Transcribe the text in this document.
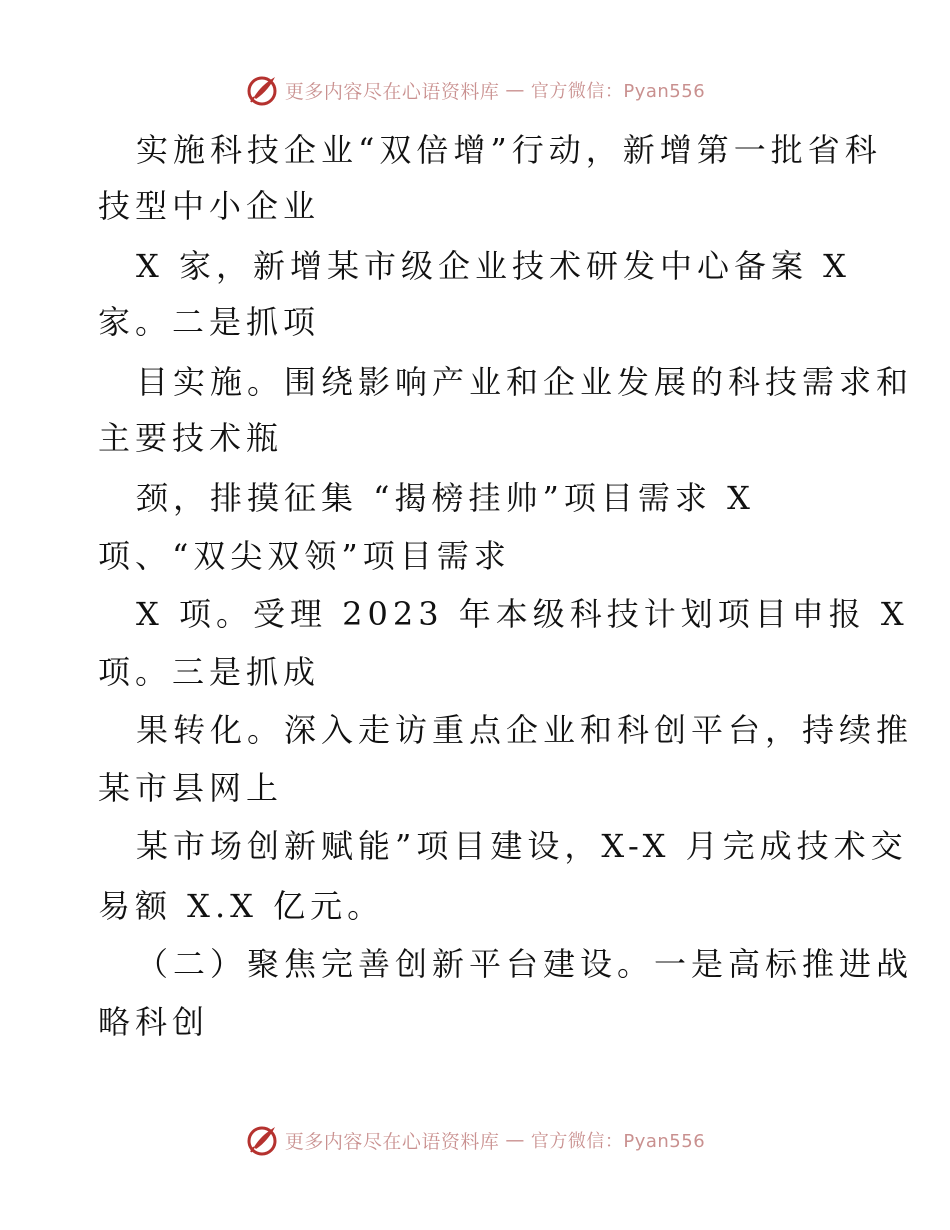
更多内容尽在心语资料库 — 官方微信：Pyan556
实施科技企业“双倍增”行动，新增第一批省科
技型中小企业
X 家，新增某市级企业技术研发中心备案 X
家。二是抓项
目实施。围绕影响产业和企业发展的科技需求和
主要技术瓶
颈，排摸征集 “揭榜挂帅”项目需求 X
项、“双尖双领”项目需求
X 项。受理 2023 年本级科技计划项目申报 X
项。三是抓成
果转化。深入走访重点企业和科创平台，持续推
某市县网上
某市场创新赋能”项目建设，X-X 月完成技术交
易额 X.X 亿元。
（二）聚焦完善创新平台建设。一是高标推进战
略科创
更多内容尽在心语资料库 — 官方微信：Pyan556
